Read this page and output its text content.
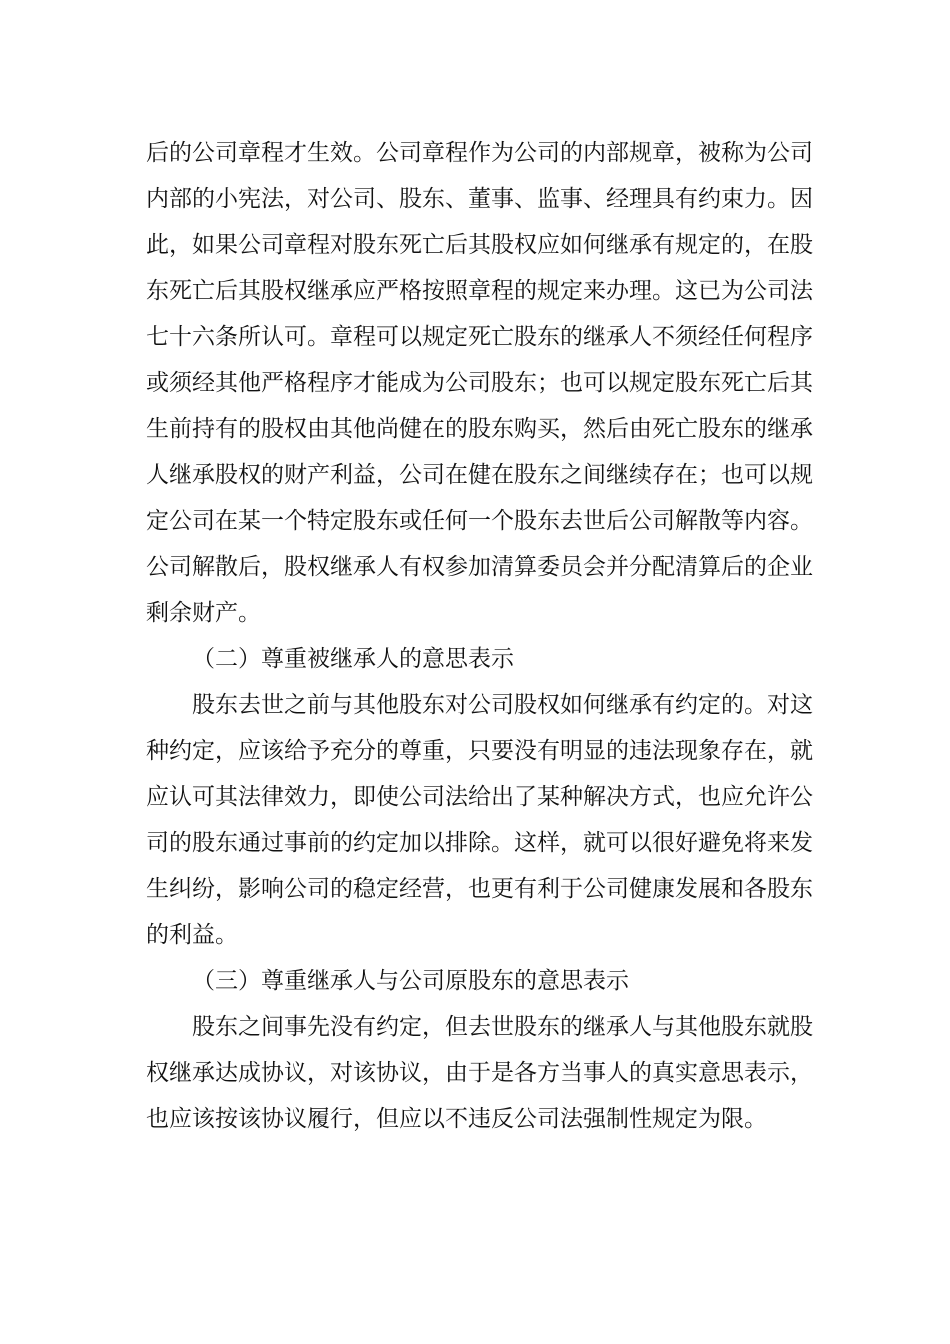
后的公司章程才生效。公司章程作为公司的内部规章，被称为公司

内部的小宪法，对公司、股东、董事、监事、经理具有约束力。因

此，如果公司章程对股东死亡后其股权应如何继承有规定的，在股

东死亡后其股权继承应严格按照章程的规定来办理。这已为公司法

七十六条所认可。章程可以规定死亡股东的继承人不须经任何程序

或须经其他严格程序才能成为公司股东；也可以规定股东死亡后其

生前持有的股权由其他尚健在的股东购买，然后由死亡股东的继承

人继承股权的财产利益，公司在健在股东之间继续存在；也可以规

定公司在某一个特定股东或任何一个股东去世后公司解散等内容。

公司解散后，股权继承人有权参加清算委员会并分配清算后的企业

剩余财产。

（二）尊重被继承人的意思表示

股东去世之前与其他股东对公司股权如何继承有约定的。对这

种约定，应该给予充分的尊重，只要没有明显的违法现象存在，就

应认可其法律效力，即使公司法给出了某种解决方式，也应允许公

司的股东通过事前的约定加以排除。这样，就可以很好避免将来发

生纠纷，影响公司的稳定经营，也更有利于公司健康发展和各股东

的利益。

（三）尊重继承人与公司原股东的意思表示

股东之间事先没有约定，但去世股东的继承人与其他股东就股

权继承达成协议，对该协议，由于是各方当事人的真实意思表示，

也应该按该协议履行，但应以不违反公司法强制性规定为限。
